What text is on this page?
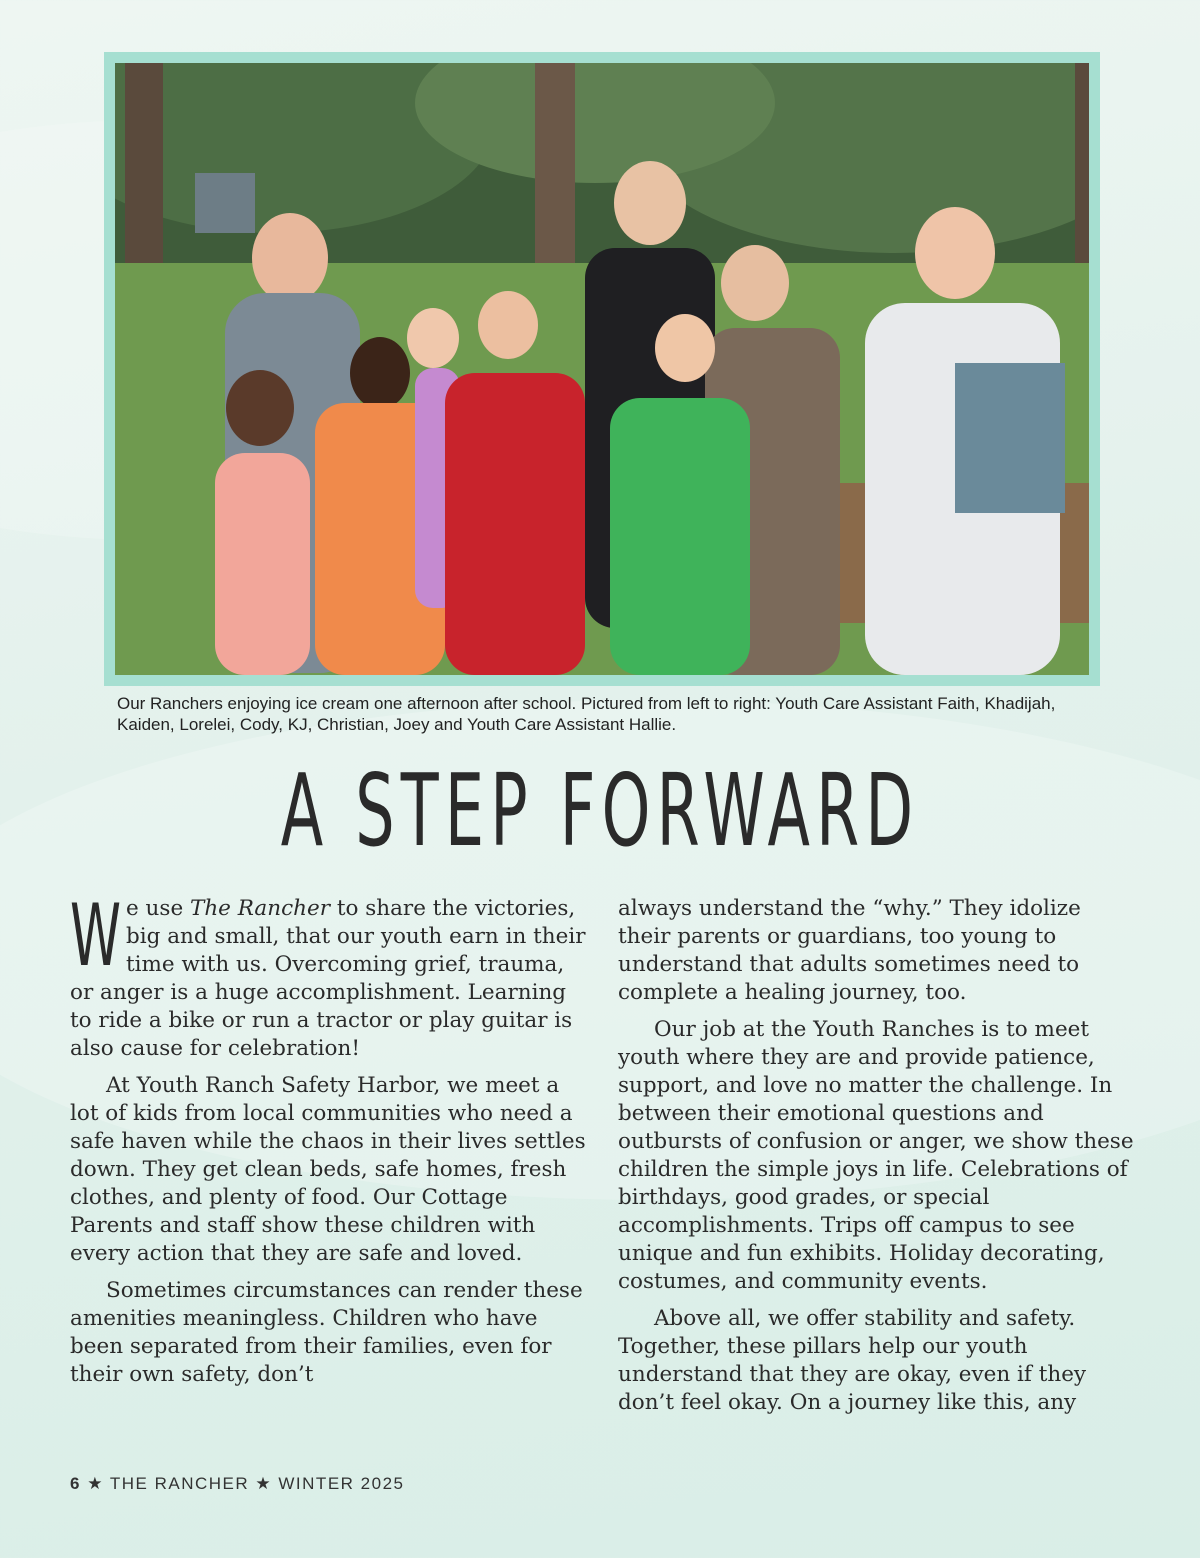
Our Ranchers enjoying ice cream one afternoon after school. Pictured from left to right: Youth Care Assistant Faith, Khadijah, Kaiden, Lorelei, Cody, KJ, Christian, Joey and Youth Care Assistant Hallie.

A STEP FORWARD

We use The Rancher to share the victories, big and small, that our youth earn in their time with us. Overcoming grief, trauma, or anger is a huge accomplishment. Learning to ride a bike or run a tractor or play guitar is also cause for celebration!

At Youth Ranch Safety Harbor, we meet a lot of kids from local communities who need a safe haven while the chaos in their lives settles down. They get clean beds, safe homes, fresh clothes, and plenty of food. Our Cottage Parents and staff show these children with every action that they are safe and loved.

Sometimes circumstances can render these amenities meaningless. Children who have been separated from their families, even for their own safety, don’t

always understand the “why.” They idolize their parents or guardians, too young to understand that adults sometimes need to complete a healing journey, too.

Our job at the Youth Ranches is to meet youth where they are and provide patience, support, and love no matter the challenge. In between their emotional questions and outbursts of confusion or anger, we show these children the simple joys in life. Celebrations of birthdays, good grades, or special accomplishments. Trips off campus to see unique and fun exhibits. Holiday decorating, costumes, and community events.

Above all, we offer stability and safety. Together, these pillars help our youth understand that they are okay, even if they don’t feel okay. On a journey like this, any

6 ★ THE RANCHER ★ WINTER 2025
